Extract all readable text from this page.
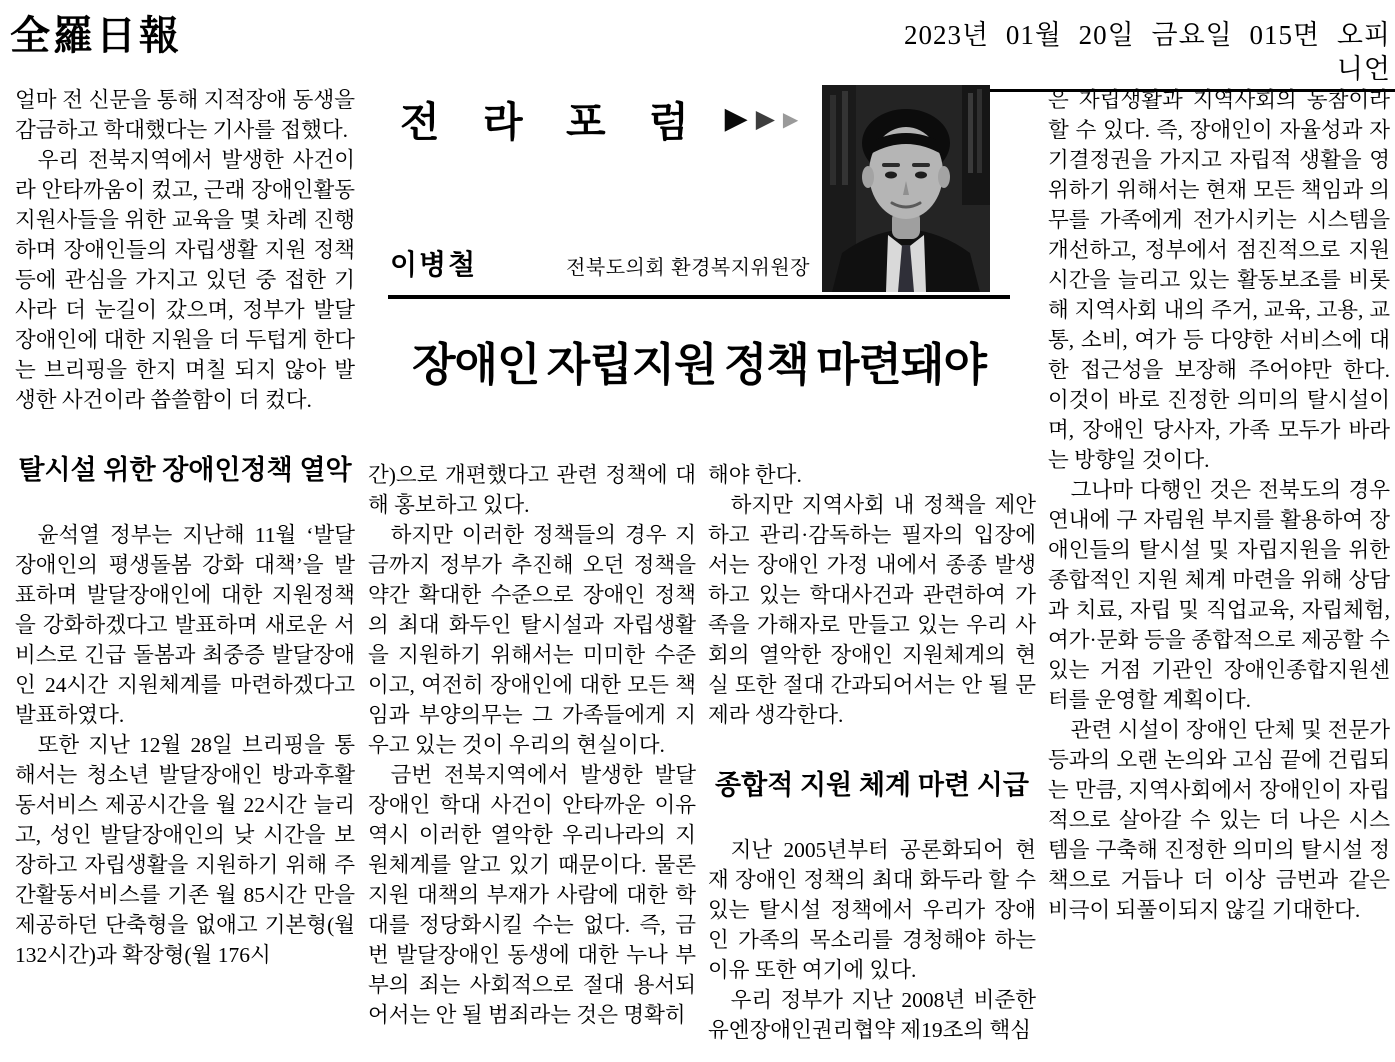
全羅日報	2023년 01월 20일 금요일 015면 오피니언

얼마 전 신문을 통해 지적장애 동생을 감금하고 학대했다는 기사를 접했다.

우리 전북지역에서 발생한 사건이라 안타까움이 컸고, 근래 장애인활동지원사들을 위한 교육을 몇 차례 진행하며 장애인들의 자립생활 지원 정책 등에 관심을 가지고 있던 중 접한 기사라 더 눈길이 갔으며, 정부가 발달장애인에 대한 지원을 더 두텁게 한다는 브리핑을 한지 며칠 되지 않아 발생한 사건이라 씁쓸함이 더 컸다.

탈시설 위한 장애인정책 열악

윤석열 정부는 지난해 11월 ‘발달장애인의 평생돌봄 강화 대책’을 발표하며 발달장애인에 대한 지원정책을 강화하겠다고 발표하며 새로운 서비스로 긴급 돌봄과 최중증 발달장애인 24시간 지원체계를 마련하겠다고 발표하였다.

또한 지난 12월 28일 브리핑을 통해서는 청소년 발달장애인 방과후활동서비스 제공시간을 월 22시간 늘리고, 성인 발달장애인의 낮 시간을 보장하고 자립생활을 지원하기 위해 주간활동서비스를 기존 월 85시간 만을 제공하던 단축형을 없애고 기본형(월 132시간)과 확장형(월 176시

전 라 포 럼 ▶ ▶ ▶
이병철	전북도의회 환경복지위원장
장애인 자립지원 정책 마련돼야

간)으로 개편했다고 관련 정책에 대해 홍보하고 있다.

하지만 이러한 정책들의 경우 지금까지 정부가 추진해 오던 정책을 약간 확대한 수준으로 장애인 정책의 최대 화두인 탈시설과 자립생활을 지원하기 위해서는 미미한 수준이고, 여전히 장애인에 대한 모든 책임과 부양의무는 그 가족들에게 지우고 있는 것이 우리의 현실이다.

금번 전북지역에서 발생한 발달장애인 학대 사건이 안타까운 이유 역시 이러한 열악한 우리나라의 지원체계를 알고 있기 때문이다. 물론 지원 대책의 부재가 사람에 대한 학대를 정당화시킬 수는 없다. 즉, 금번 발달장애인 동생에 대한 누나 부부의 죄는 사회적으로 절대 용서되어서는 안 될 범죄라는 것은 명확히

해야 한다.

하지만 지역사회 내 정책을 제안하고 관리·감독하는 필자의 입장에서는 장애인 가정 내에서 종종 발생하고 있는 학대사건과 관련하여 가족을 가해자로 만들고 있는 우리 사회의 열악한 장애인 지원체계의 현실 또한 절대 간과되어서는 안 될 문제라 생각한다.

종합적 지원 체계 마련 시급

지난 2005년부터 공론화되어 현재 장애인 정책의 최대 화두라 할 수 있는 탈시설 정책에서 우리가 장애인 가족의 목소리를 경청해야 하는 이유 또한 여기에 있다.

우리 정부가 지난 2008년 비준한 유엔장애인권리협약 제19조의 핵심

은 자립생활과 지역사회의 동참이라 할 수 있다. 즉, 장애인이 자율성과 자기결정권을 가지고 자립적 생활을 영위하기 위해서는 현재 모든 책임과 의무를 가족에게 전가시키는 시스템을 개선하고, 정부에서 점진적으로 지원시간을 늘리고 있는 활동보조를 비롯해 지역사회 내의 주거, 교육, 고용, 교통, 소비, 여가 등 다양한 서비스에 대한 접근성을 보장해 주어야만 한다. 이것이 바로 진정한 의미의 탈시설이며, 장애인 당사자, 가족 모두가 바라는 방향일 것이다.

그나마 다행인 것은 전북도의 경우 연내에 구 자림원 부지를 활용하여 장애인들의 탈시설 및 자립지원을 위한 종합적인 지원 체계 마련을 위해 상담과 치료, 자립 및 직업교육, 자립체험, 여가·문화 등을 종합적으로 제공할 수 있는 거점 기관인 장애인종합지원센터를 운영할 계획이다.

관련 시설이 장애인 단체 및 전문가 등과의 오랜 논의와 고심 끝에 건립되는 만큼, 지역사회에서 장애인이 자립적으로 살아갈 수 있는 더 나은 시스템을 구축해 진정한 의미의 탈시설 정책으로 거듭나 더 이상 금번과 같은 비극이 되풀이되지 않길 기대한다.
